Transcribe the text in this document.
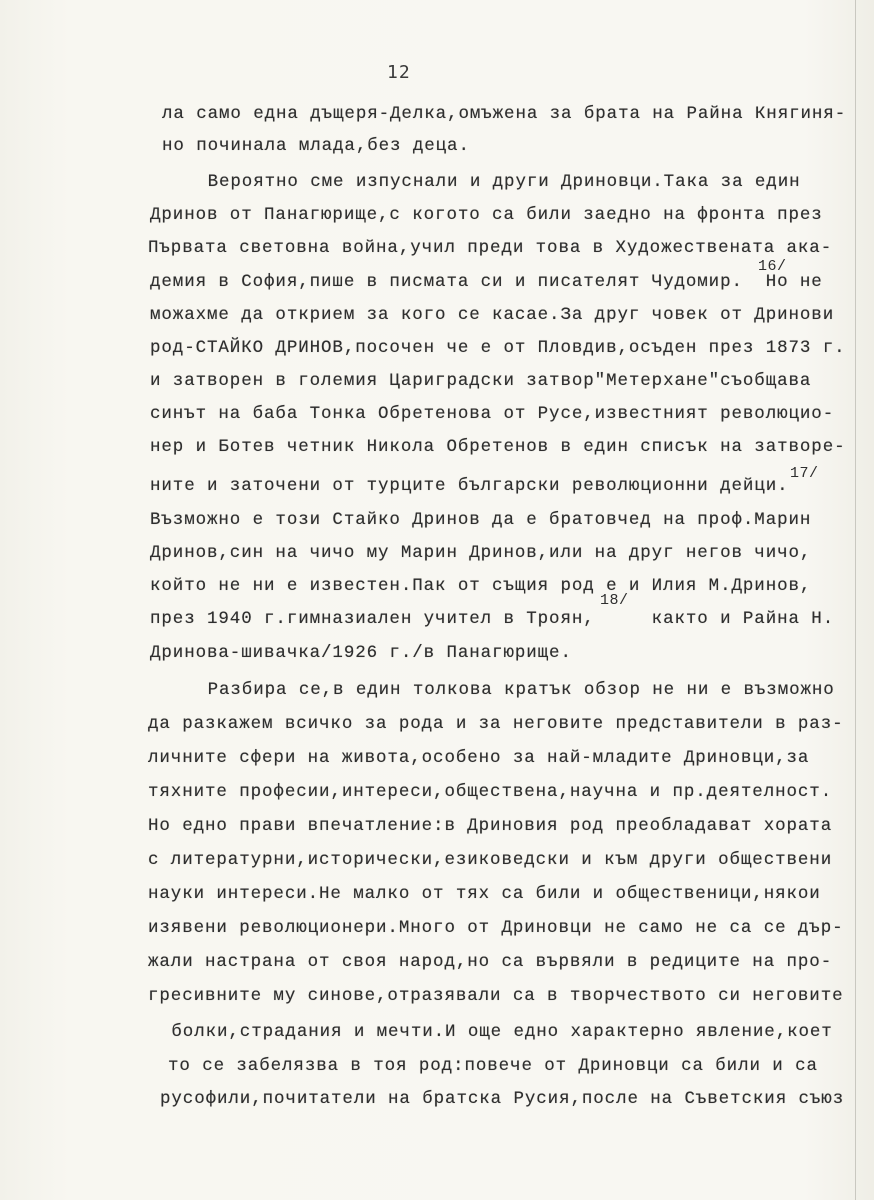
12
ла само една дъщеря-Делка,омъжена за брата на Райна Княгиня-
но починала млада,без деца.
Вероятно сме изпуснали и други Дриновци.Така за един
Дринов от Панагюрище,с когото са били заедно на фронта през
Първата световна война,учил преди това в Художествената ака-
16/
демия в София,пише в писмата си и писателят Чудомир.  Но не
можахме да открием за кого се касае.За друг човек от Дринови
род-СТАЙКО ДРИНОВ,посочен че е от Пловдив,осъден през 1873 г.
и затворен в големия Цариградски затвор"Метерхане"съобщава
синът на баба Тонка Обретенова от Русе,известният революцио-
нер и Ботев четник Никола Обретенов в един списък на затворе-
17/
ните и заточени от турците български революционни дейци.
Възможно е този Стайко Дринов да е братовчед на проф.Марин
Дринов,син на чичо му Марин Дринов,или на друг негов чичо,
който не ни е известен.Пак от същия род е и Илия М.Дринов,
18/
през 1940 г.гимназиален учител в Троян,     както и Райна Н.
Дринова-шивачка/1926 г./в Панагюрище.
Разбира се,в един толкова кратък обзор не ни е възможно
да разкажем всичко за рода и за неговите представители в раз-
личните сфери на живота,особено за най-младите Дриновци,за
тяхните професии,интереси,обществена,научна и пр.деятелност.
Но едно прави впечатление:в Дриновия род преобладават хората
с литературни,исторически,езиковедски и към други обществени
науки интереси.Не малко от тях са били и общественици,някои
изявени революционери.Много от Дриновци не само не са се дър-
жали настрана от своя народ,но са вървяли в редиците на про-
гресивните му синове,отразявали са в творчеството си неговите
болки,страдания и мечти.И още едно характерно явление,коет
то се забелязва в тоя род:повече от Дриновци са били и са
русофили,почитатели на братска Русия,после на Съветския съюз
